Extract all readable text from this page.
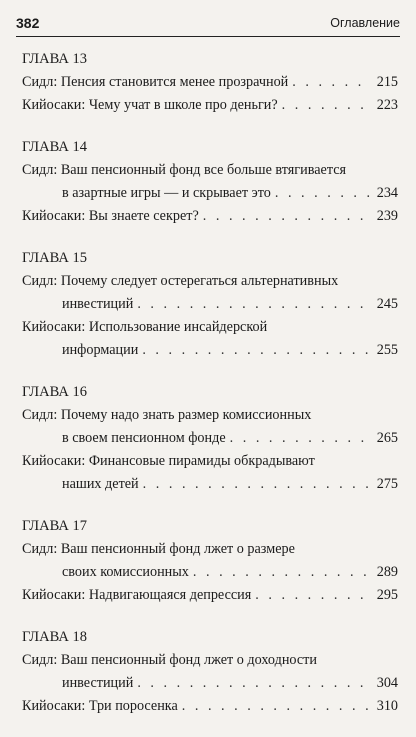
382	Оглавление
ГЛАВА 13
Сидл: Пенсия становится менее прозрачной . . .	215
Кийосаки: Чему учат в школе про деньги? . . .	223
ГЛАВА 14
Сидл: Ваш пенсионный фонд все больше втягивается
в азартные игры — и скрывает это . . .	234
Кийосаки: Вы знаете секрет? . . .	239
ГЛАВА 15
Сидл: Почему следует остерегаться альтернативных
инвестиций . . .	245
Кийосаки: Использование инсайдерской
информации . . .	255
ГЛАВА 16
Сидл: Почему надо знать размер комиссионных
в своем пенсионном фонде . . .	265
Кийосаки: Финансовые пирамиды обкрадывают
наших детей . . .	275
ГЛАВА 17
Сидл: Ваш пенсионный фонд лжет о размере
своих комиссионных . . .	289
Кийосаки: Надвигающаяся депрессия . . .	295
ГЛАВА 18
Сидл: Ваш пенсионный фонд лжет о доходности
инвестиций . . .	304
Кийосаки: Три поросенка . . .	310
